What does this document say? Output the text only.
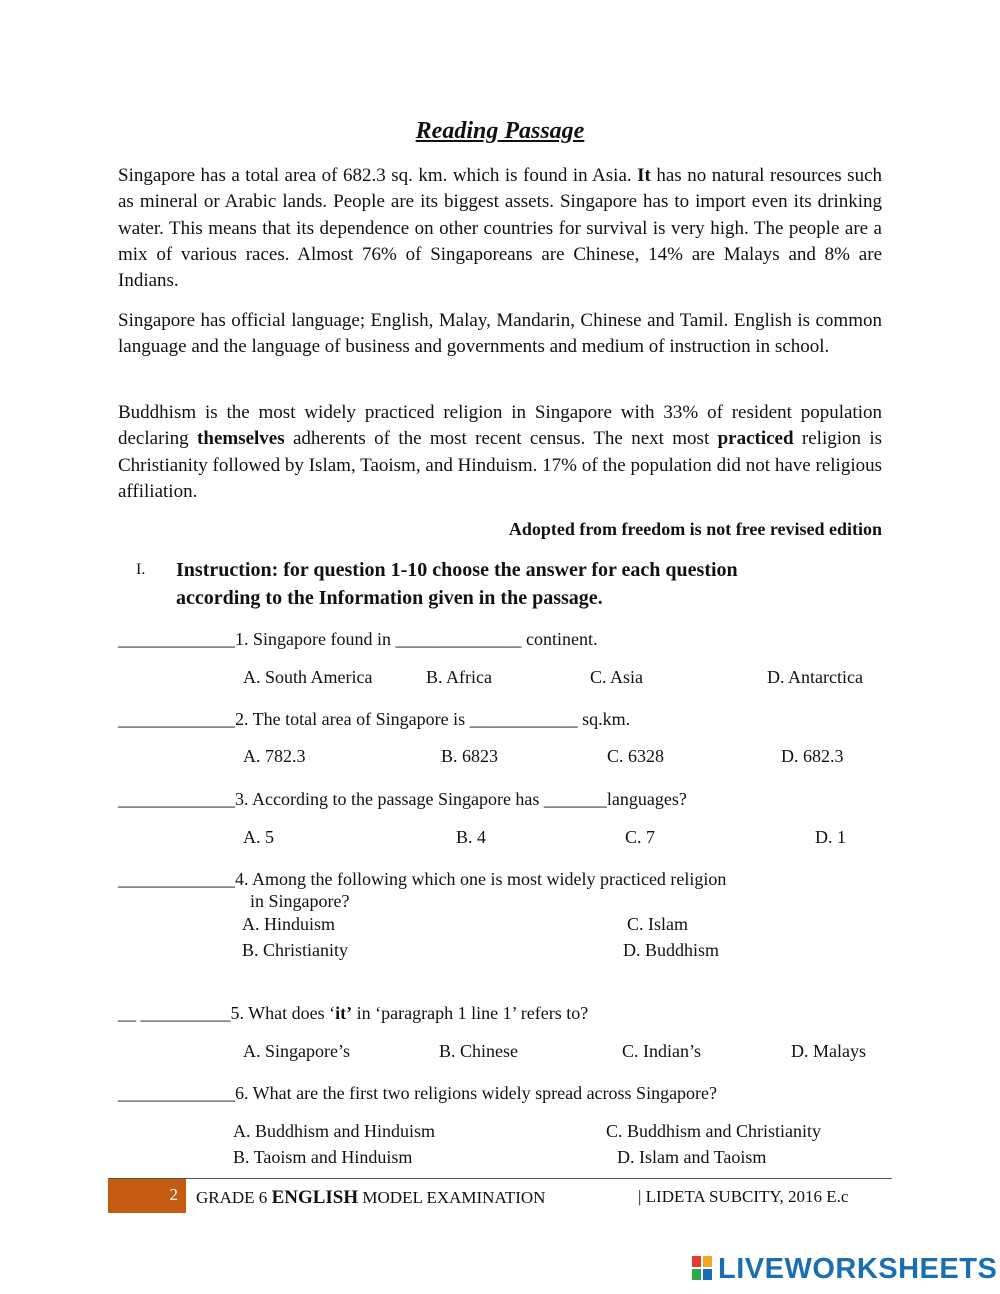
Reading Passage
Singapore has a total area of 682.3 sq. km. which is found in Asia. It has no natural resources such as mineral or Arabic lands. People are its biggest assets. Singapore has to import even its drinking water. This means that its dependence on other countries for survival is very high. The people are a mix of various races. Almost 76% of Singaporeans are Chinese, 14% are Malays and 8% are Indians.
Singapore has official language; English, Malay, Mandarin, Chinese and Tamil. English is common language and the language of business and governments and medium of instruction in school.
Buddhism is the most widely practiced religion in Singapore with 33% of resident population declaring themselves adherents of the most recent census. The next most practiced religion is Christianity followed by Islam, Taoism, and Hinduism. 17% of the population did not have religious affiliation.
Adopted from freedom is not free revised edition
I. Instruction: for question 1-10 choose the answer for each question
according to the Information given in the passage.
_____________1. Singapore found in ______________ continent.
A. South America	B. Africa	C. Asia	D. Antarctica
_____________2. The total area of Singapore is ____________ sq.km.
A. 782.3	B. 6823	C. 6328	D. 682.3
_____________3. According to the passage Singapore has _______languages?
A. 5	B. 4	C. 7	D. 1
_____________4. Among the following which one is most widely practiced religion
in Singapore?
A. Hinduism
B. Christianity
C. Islam
D. Buddhism
__ __________5. What does ‘it’ in ‘paragraph 1 line 1’ refers to?
A. Singapore’s	B. Chinese	C. Indian’s	D. Malays
_____________6. What are the first two religions widely spread across Singapore?
A. Buddhism and Hinduism
B. Taoism and Hinduism
C. Buddhism and Christianity
D. Islam and Taoism
2 GRADE 6 ENGLISH MODEL EXAMINATION	| LIDETA SUBCITY, 2016 E.c
LIVEWORKSHEETS
